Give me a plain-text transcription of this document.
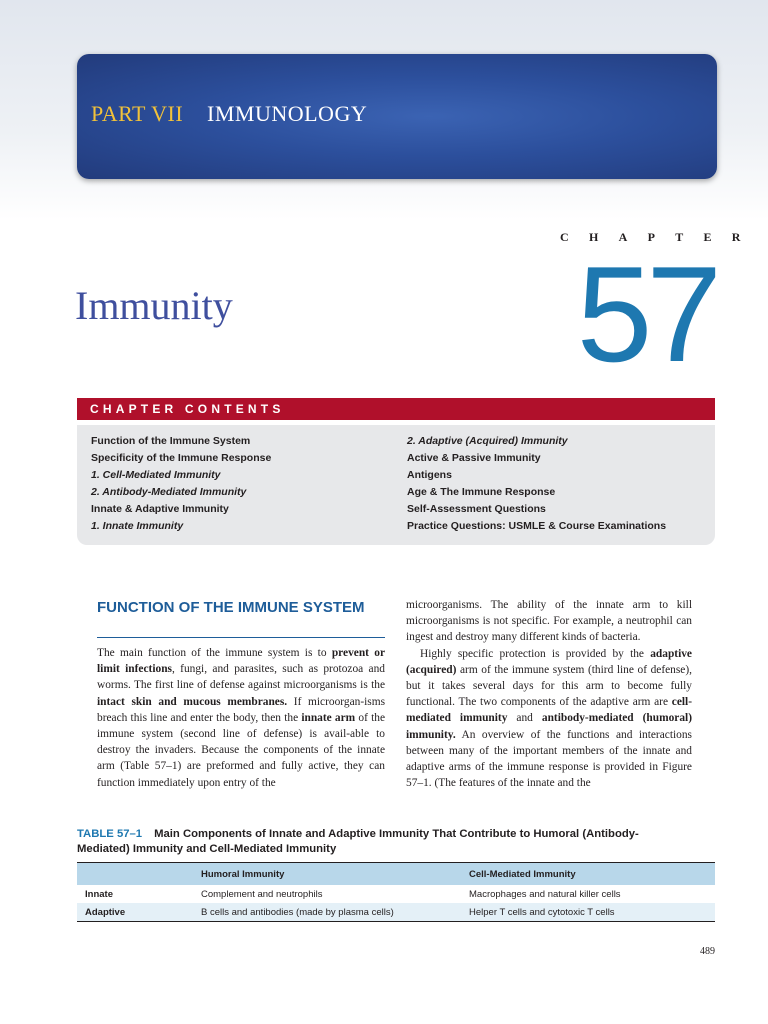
PART VII IMMUNOLOGY
CHAPTER
Immunity	57
CHAPTER CONTENTS
Function of the Immune System
Specificity of the Immune Response
1. Cell-Mediated Immunity
2. Antibody-Mediated Immunity
Innate & Adaptive Immunity
1. Innate Immunity
2. Adaptive (Acquired) Immunity
Active & Passive Immunity
Antigens
Age & The Immune Response
Self-Assessment Questions
Practice Questions: USMLE & Course Examinations
FUNCTION OF THE IMMUNE SYSTEM

The main function of the immune system is to prevent or limit infections, fungi, and parasites, such as protozoa and worms. The first line of defense against microorganisms is the intact skin and mucous membranes. If microorgan-isms breach this line and enter the body, then the innate arm of the immune system (second line of defense) is avail-able to destroy the invaders. Because the components of the innate arm (Table 57–1) are preformed and fully active, they can function immediately upon entry of the

microorganisms. The ability of the innate arm to kill microorganisms is not specific. For example, a neutrophil can ingest and destroy many different kinds of bacteria.

Highly specific protection is provided by the adaptive (acquired) arm of the immune system (third line of defense), but it takes several days for this arm to become fully functional. The two components of the adaptive arm are cell-mediated immunity and antibody-mediated (humoral) immunity. An overview of the functions and interactions between many of the important members of the innate and adaptive arms of the immune response is provided in Figure 57–1. (The features of the innate and the

TABLE 57–1 Main Components of Innate and Adaptive Immunity That Contribute to Humoral (Antibody-Mediated) Immunity and Cell-Mediated Immunity
	Humoral Immunity	Cell-Mediated Immunity
Innate	Complement and neutrophils	Macrophages and natural killer cells
Adaptive	B cells and antibodies (made by plasma cells)	Helper T cells and cytotoxic T cells
489
